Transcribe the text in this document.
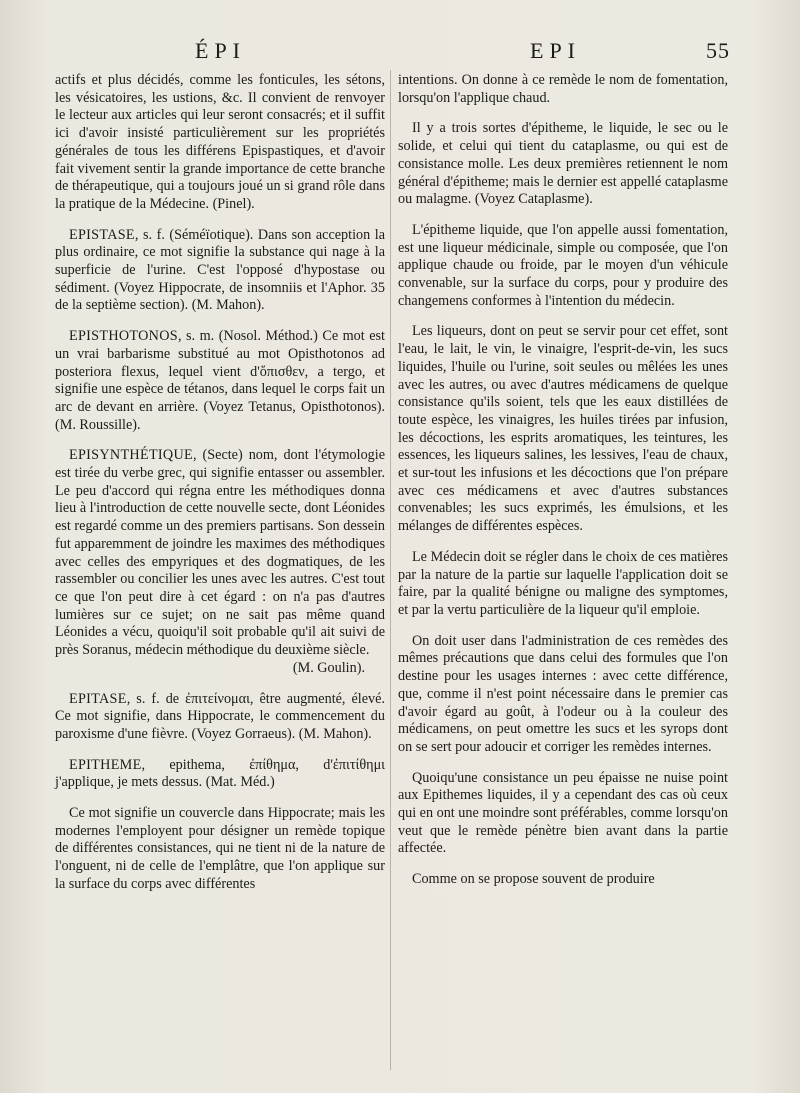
ÉPI	EPI	55

actifs et plus décidés, comme les fonticules, les sétons, les vésicatoires, les ustions, &c. Il convient de renvoyer le lecteur aux articles qui leur seront consacrés; et il suffit ici d'avoir insisté particulièrement sur les propriétés générales de tous les différens Epispastiques, et d'avoir fait vivement sentir la grande importance de cette branche de thérapeutique, qui a toujours joué un si grand rôle dans la pratique de la Médecine. (Pinel).

EPISTASE, s. f. (Séméïotique). Dans son acception la plus ordinaire, ce mot signifie la substance qui nage à la superficie de l'urine. C'est l'opposé d'hypostase ou sédiment. (Voyez Hippocrate, de insomniis et l'Aphor. 35 de la septième section). (M. Mahon).

EPISTHOTONOS, s. m. (Nosol. Méthod.) Ce mot est un vrai barbarisme substitué au mot Opisthotonos ad posteriora flexus, lequel vient d'ὄπισθεν, a tergo, et signifie une espèce de tétanos, dans lequel le corps fait un arc de devant en arrière. (Voyez Tetanus, Opisthotonos). (M. Roussille).

EPISYNTHÉTIQUE, (Secte) nom, dont l'étymologie est tirée du verbe grec, qui signifie entasser ou assembler. Le peu d'accord qui régna entre les méthodiques donna lieu à l'introduction de cette nouvelle secte, dont Léonides est regardé comme un des premiers partisans. Son dessein fut apparemment de joindre les maximes des méthodiques avec celles des empyriques et des dogmatiques, de les rassembler ou concilier les unes avec les autres. C'est tout ce que l'on peut dire à cet égard : on n'a pas d'autres lumières sur ce sujet; on ne sait pas même quand Léonides a vécu, quoiqu'il soit probable qu'il ait suivi de près Soranus, médecin méthodique du deuxième siècle.

(M. Goulin).

EPITASE, s. f. de ἐπιτείνομαι, être augmenté, élevé. Ce mot signifie, dans Hippocrate, le commencement du paroxisme d'une fièvre. (Voyez Gorraeus). (M. Mahon).

EPITHEME, epithema, ἐπίθημα, d'ἐπιτίθημι j'applique, je mets dessus. (Mat. Méd.)

Ce mot signifie un couvercle dans Hippocrate; mais les modernes l'employent pour désigner un remède topique de différentes consistances, qui ne tient ni de la nature de l'onguent, ni de celle de l'emplâtre, que l'on applique sur la surface du corps avec différentes

intentions. On donne à ce remède le nom de fomentation, lorsqu'on l'applique chaud.

Il y a trois sortes d'épitheme, le liquide, le sec ou le solide, et celui qui tient du cataplasme, ou qui est de consistance molle. Les deux premières retiennent le nom général d'épitheme; mais le dernier est appellé cataplasme ou malagme. (Voyez Cataplasme).

L'épitheme liquide, que l'on appelle aussi fomentation, est une liqueur médicinale, simple ou composée, que l'on applique chaude ou froide, par le moyen d'un véhicule convenable, sur la surface du corps, pour y produire des changemens conformes à l'intention du médecin.

Les liqueurs, dont on peut se servir pour cet effet, sont l'eau, le lait, le vin, le vinaigre, l'esprit-de-vin, les sucs liquides, l'huile ou l'urine, soit seules ou mêlées les unes avec les autres, ou avec d'autres médicamens de quelque consistance qu'ils soient, tels que les eaux distillées de toute espèce, les vinaigres, les huiles tirées par infusion, les décoctions, les esprits aromatiques, les teintures, les essences, les liqueurs salines, les lessives, l'eau de chaux, et sur-tout les infusions et les décoctions que l'on prépare avec ces médicamens et avec d'autres substances convenables; les sucs exprimés, les émulsions, et les mélanges de différentes espèces.

Le Médecin doit se régler dans le choix de ces matières par la nature de la partie sur laquelle l'application doit se faire, par la qualité bénigne ou maligne des symptomes, et par la vertu particulière de la liqueur qu'il emploie.

On doit user dans l'administration de ces remèdes des mêmes précautions que dans celui des formules que l'on destine pour les usages internes : avec cette différence, que, comme il n'est point nécessaire dans le premier cas d'avoir égard au goût, à l'odeur ou à la couleur des médicamens, on peut omettre les sucs et les syrops dont on se sert pour adoucir et corriger les remèdes internes.

Quoiqu'une consistance un peu épaisse ne nuise point aux Epithemes liquides, il y a cependant des cas où ceux qui en ont une moindre sont préférables, comme lorsqu'on veut que le remède pénètre bien avant dans la partie affectée.

Comme on se propose souvent de produire
